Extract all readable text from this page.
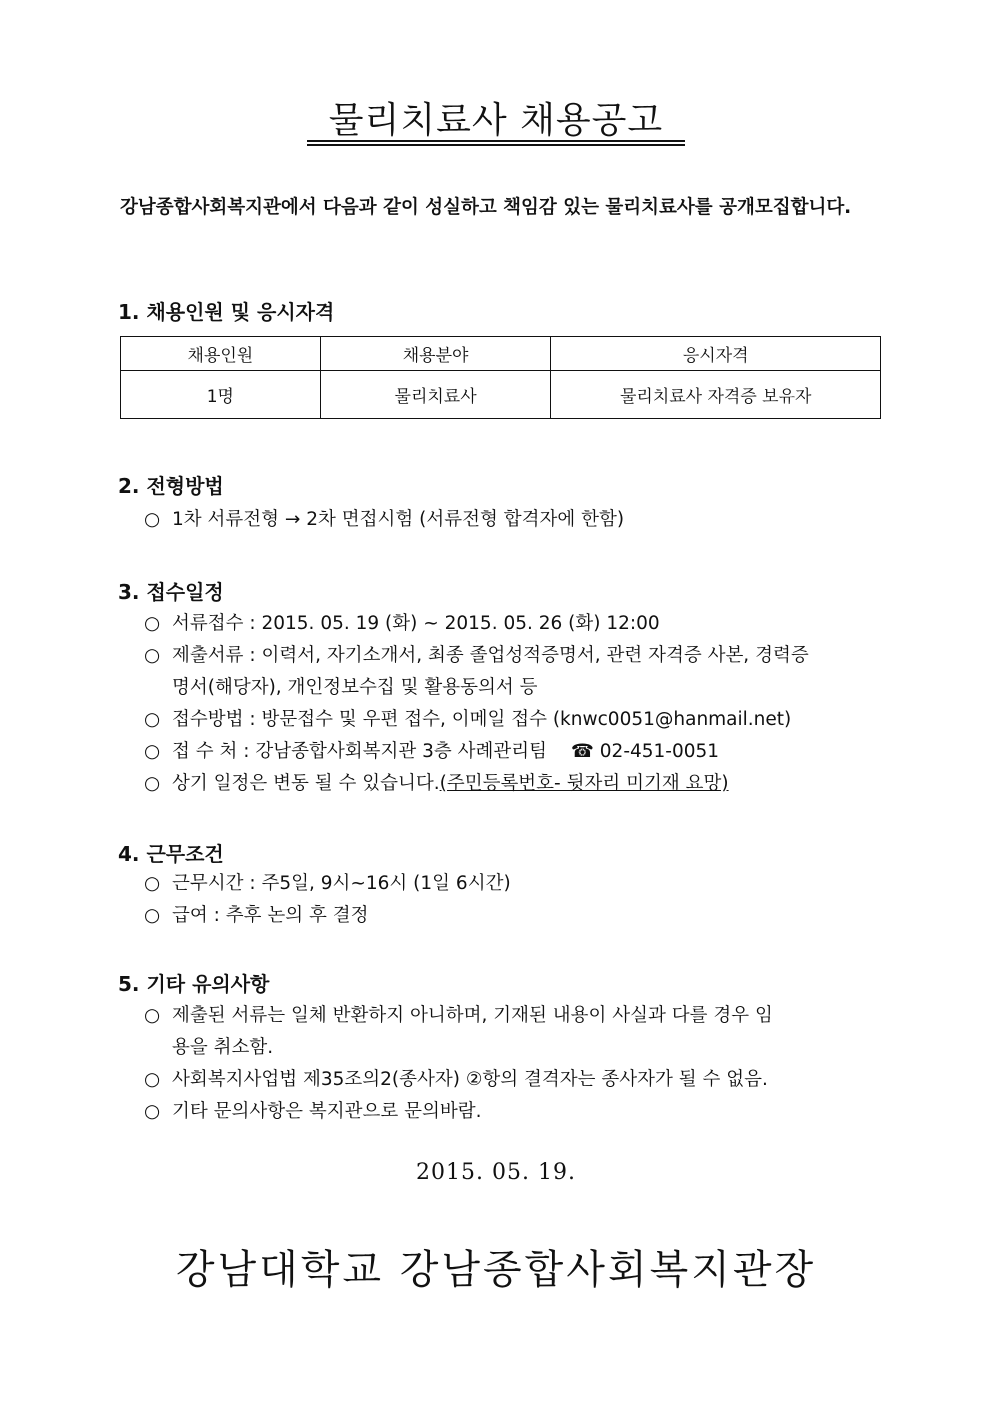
물리치료사 채용공고
강남종합사회복지관에서 다음과 같이 성실하고 책임감 있는 물리치료사를 공개모집합니다.
1. 채용인원 및 응시자격
채용인원	채용분야	응시자격
1명	물리치료사	물리치료사 자격증 보유자
2. 전형방법
○ 1차 서류전형 → 2차 면접시험 (서류전형 합격자에 한함)
3. 접수일정
○ 서류접수 : 2015. 05. 19 (화) ~ 2015. 05. 26 (화) 12:00
○ 제출서류 : 이력서, 자기소개서, 최종 졸업성적증명서, 관련 자격증 사본, 경력증
명서(해당자), 개인정보수집 및 활용동의서 등
○ 접수방법 : 방문접수 및 우편 접수, 이메일 접수 (knwc0051@hanmail.net)
○ 접 수 처 : 강남종합사회복지관 3층 사례관리팀 ☎ 02-451-0051
○ 상기 일정은 변동 될 수 있습니다.(주민등록번호- 뒷자리 미기재 요망)
4. 근무조건
○ 근무시간 : 주5일, 9시~16시 (1일 6시간)
○ 급여 : 추후 논의 후 결정
5. 기타 유의사항
○ 제출된 서류는 일체 반환하지 아니하며, 기재된 내용이 사실과 다를 경우 임
용을 취소함.
○ 사회복지사업법 제35조의2(종사자) ②항의 결격자는 종사자가 될 수 없음.
○ 기타 문의사항은 복지관으로 문의바람.
2015. 05. 19.
강남대학교 강남종합사회복지관장
